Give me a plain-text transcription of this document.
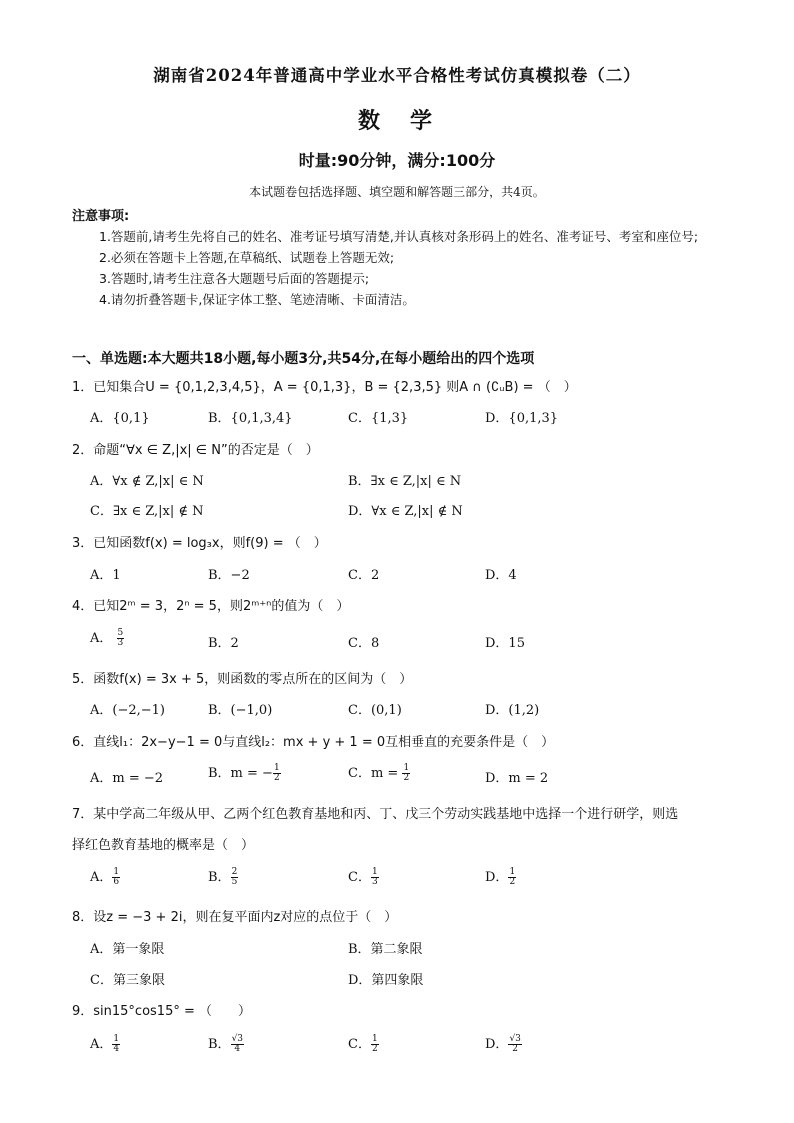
湖南省2024年普通高中学业水平合格性考试仿真模拟卷（二）
数　学
时量:90分钟，满分:100分
本试题卷包括选择题、填空题和解答题三部分，共4页。
注意事项:
1.答题前,请考生先将自己的姓名、准考证号填写清楚,并认真核对条形码上的姓名、准考证号、考室和座位号;
2.必须在答题卡上答题,在草稿纸、试题卷上答题无效;
3.答题时,请考生注意各大题题号后面的答题提示;
4.请勿折叠答题卡,保证字体工整、笔迹清晰、卡面清洁。
一、单选题:本大题共18小题,每小题3分,共54分,在每小题给出的四个选项
1．已知集合U = {0,1,2,3,4,5}，A = {0,1,3}，B = {2,3,5} 则A ∩ (∁ᵤB) = （　）
A．{0,1}	B．{0,1,3,4}	C．{1,3}	D．{0,1,3}
2．命题“∀x ∈ Z,|x| ∈ N”的否定是（　）
A．∀x ∉ Z,|x| ∈ N	B．∃x ∈ Z,|x| ∈ N
C．∃x ∈ Z,|x| ∉ N	D．∀x ∈ Z,|x| ∉ N
3．已知函数f(x) = log₃x，则f(9) = （　）
A．1	B．−2	C．2	D．4
4．已知2ᵐ = 3，2ⁿ = 5，则2ᵐ⁺ⁿ的值为（　）
A． $\frac{5}{3}$	B．2	C．8	D．15
5．函数f(x) = 3x + 5，则函数的零点所在的区间为（　）
A．(−2,−1)	B．(−1,0)	C．(0,1)	D．(1,2)
6．直线l₁：2x−y−1 = 0与直线l₂：mx + y + 1 = 0互相垂直的充要条件是（　）
A．m = −2	B．m = − $\frac{1}{2}$	C．$m = \frac{1}{2}$	D．m = 2
7．某中学高二年级从甲、乙两个红色教育基地和丙、丁、戊三个劳动实践基地中选择一个进行研学，则选
择红色教育基地的概率是（　）
A． $\frac{1}{6}$	B． $\frac{2}{5}$	C． $\frac{1}{3}$	D． $\frac{1}{2}$
8．设z = −3 + 2i，则在复平面内z对应的点位于（　）
A．第一象限	B．第二象限
C．第三象限	D．第四象限
9．sin15°cos15° = （　　）
A． $\frac{1}{4}$	B． $\frac{√3}{4}$	C． $\frac{1}{2}$	D． $\frac{√3}{2}$
